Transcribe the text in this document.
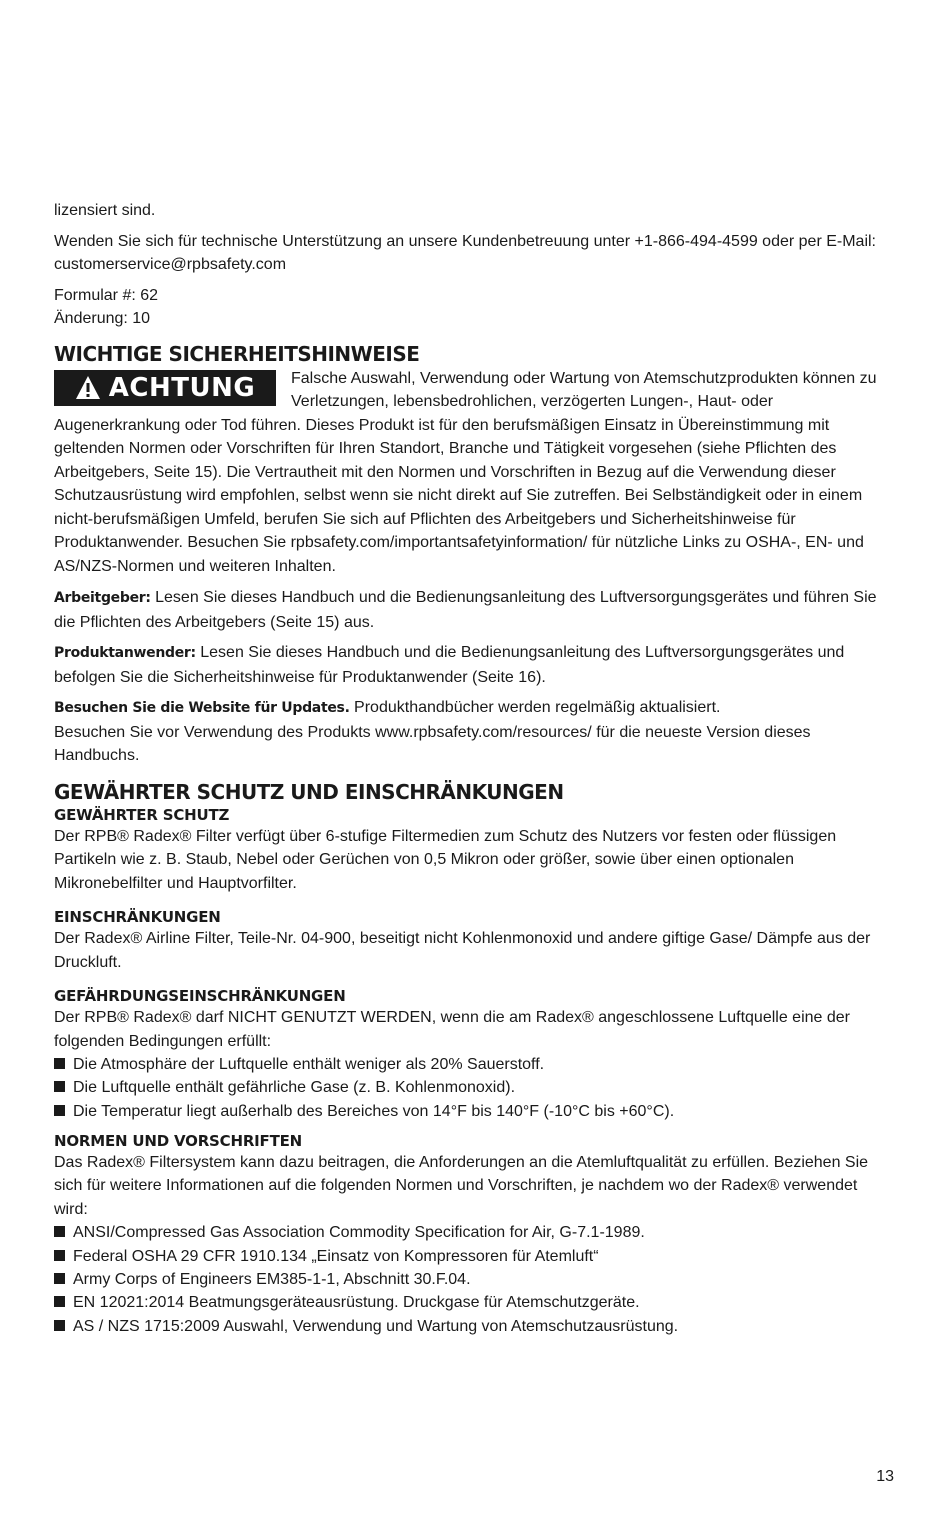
lizensiert sind.

Wenden Sie sich für technische Unterstützung an unsere Kundenbetreuung unter +1-866-494-4599 oder per E-Mail: customerservice@rpbsafety.com

Formular #: 62

Änderung: 10

WICHTIGE SICHERHEITSHINWEISE
ACHTUNG	Falsche Auswahl, Verwendung oder Wartung von Atemschutzprodukten können zu Verletzungen, lebensbedrohlichen, verzögerten Lungen-, Haut- oder Augenerkrankung oder Tod führen. Dieses Produkt ist für den berufsmäßigen Einsatz in Übereinstimmung mit geltenden Normen oder Vorschriften für Ihren Standort, Branche und Tätigkeit vorgesehen (siehe Pflichten des Arbeitgebers, Seite 15). Die Vertrautheit mit den Normen und Vorschriften in Bezug auf die Verwendung dieser Schutzausrüstung wird empfohlen, selbst wenn sie nicht direkt auf Sie zutreffen. Bei Selbständigkeit oder in einem nicht-berufsmäßigen Umfeld, berufen Sie sich auf Pflichten des Arbeitgebers und Sicherheitshinweise für Produktanwender. Besuchen Sie rpbsafety.com/importantsafetyinformation/ für nützliche Links zu OSHA-, EN- und AS/NZS-Normen und weiteren Inhalten.

Arbeitgeber: Lesen Sie dieses Handbuch und die Bedienungsanleitung des Luftversorgungsgerätes und führen Sie die Pflichten des Arbeitgebers (Seite 15) aus.

Produktanwender: Lesen Sie dieses Handbuch und die Bedienungsanleitung des Luftversorgungsgerätes und befolgen Sie die Sicherheitshinweise für Produktanwender (Seite 16).

Besuchen Sie die Website für Updates. Produkthandbücher werden regelmäßig aktualisiert.

Besuchen Sie vor Verwendung des Produkts www.rpbsafety.com/resources/ für die neueste Version dieses Handbuchs.

GEWÄHRTER SCHUTZ UND EINSCHRÄNKUNGEN
GEWÄHRTER SCHUTZ

Der RPB® Radex® Filter verfügt über 6-stufige Filtermedien zum Schutz des Nutzers vor festen oder flüssigen Partikeln wie z. B. Staub, Nebel oder Gerüchen von 0,5 Mikron oder größer, sowie über einen optionalen Mikronebelfilter und Hauptvorfilter.

EINSCHRÄNKUNGEN

Der Radex® Airline Filter, Teile-Nr. 04-900, beseitigt nicht Kohlenmonoxid und andere giftige Gase/ Dämpfe aus der Druckluft.

GEFÄHRDUNGSEINSCHRÄNKUNGEN

Der RPB® Radex® darf NICHT GENUTZT WERDEN, wenn die am Radex® angeschlossene Luftquelle eine der folgenden Bedingungen erfüllt:

Die Atmosphäre der Luftquelle enthält weniger als 20% Sauerstoff.
Die Luftquelle enthält gefährliche Gase (z. B. Kohlenmonoxid).
Die Temperatur liegt außerhalb des Bereiches von 14°F bis 140°F (-10°C bis +60°C).
NORMEN UND VORSCHRIFTEN

Das Radex® Filtersystem kann dazu beitragen, die Anforderungen an die Atemluftqualität zu erfüllen. Beziehen Sie sich für weitere Informationen auf die folgenden Normen und Vorschriften, je nachdem wo der Radex® verwendet wird:

ANSI/Compressed Gas Association Commodity Specification for Air, G-7.1-1989.
Federal OSHA 29 CFR 1910.134 „Einsatz von Kompressoren für Atemluft“
Army Corps of Engineers EM385-1-1, Abschnitt 30.F.04.
EN 12021:2014 Beatmungsgeräteausrüstung. Druckgase für Atemschutzgeräte.
AS / NZS 1715:2009 Auswahl, Verwendung und Wartung von Atemschutzausrüstung.
13
